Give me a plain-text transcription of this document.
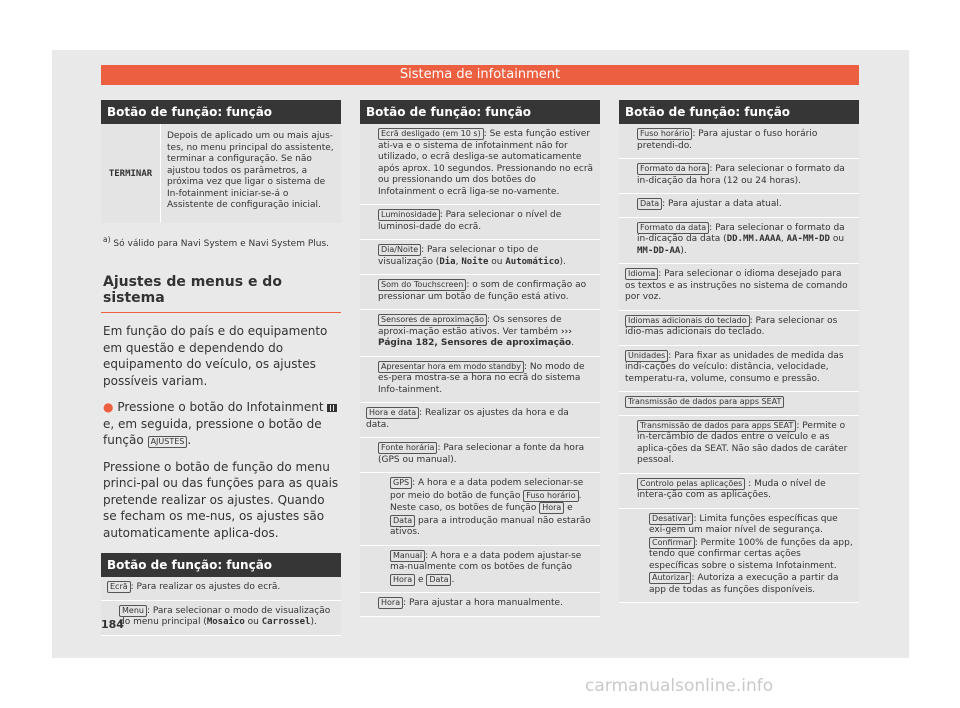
Sistema de infotainment
Botão de função: função
TERMINAR
Depois de aplicado um ou mais ajus-tes, no menu principal do assistente, terminar a configuração. Se não ajustou todos os parâmetros, a próxima vez que ligar o sistema de In-fotainment iniciar-se-á o Assistente de configuração inicial.
$^{a)}$ Só válido para Navi System e Navi System Plus.
Ajustes de menus e do sistema
Em função do país e do equipamento em questão e dependendo do equipamento do veículo, os ajustes possíveis variam.
● Pressione o botão do Infotainment  e, em seguida, pressione o botão de função AJUSTES .
Pressione o botão de função do menu princi-pal ou das funções para as quais pretende realizar os ajustes. Quando se fecham os me-nus, os ajustes são automaticamente aplica-dos.
Botão de função: função
Ecrã : Para realizar os ajustes do ecrã.
Menu : Para selecionar o modo de visualização do menu principal (Mosaico ou Carrossel).
Botão de função: função
Ecrã desligado (em 10 s) : Se esta função estiver ati-va e o sistema de infotainment não for utilizado, o ecrã desliga-se automaticamente após aprox. 10 segundos. Pressionando no ecrã ou pressionando um dos botões do Infotainment o ecrã liga-se no-vamente.
Luminosidade : Para selecionar o nível de luminosi-dade do ecrã.
Dia/Noite : Para selecionar o tipo de visualização (Dia, Noite ou Automático).
Som do Touchscreen : o som de confirmação ao pressionar um botão de função está ativo.
Sensores de aproximação : Os sensores de aproxi-mação estão ativos. Ver também ››› Página 182, Sensores de aproximação.
Apresentar hora em modo standby : No modo de es-pera mostra-se a hora no ecrã do sistema Info-tainment.
Hora e data : Realizar os ajustes da hora e da data.
Fonte horária : Para selecionar a fonte da hora (GPS ou manual).
GPS : A hora e a data podem selecionar-se por meio do botão de função Fuso horário . Neste caso, os botões de função Hora e Data para a introdução manual não estarão ativos.
Manual : A hora e a data podem ajustar-se ma-nualmente com os botões de função Hora e Data .
Hora : Para ajustar a hora manualmente.
Botão de função: função
Fuso horário : Para ajustar o fuso horário pretendi-do.
Formato da hora : Para selecionar o formato da in-dicação da hora (12 ou 24 horas).
Data : Para ajustar a data atual.
Formato da data : Para selecionar o formato da in-dicação da data (DD.MM.AAAA, AA-MM-DD ou MM-DD-AA).
Idioma : Para selecionar o idioma desejado para os textos e as instruções no sistema de comando por voz.
Idiomas adicionais do teclado : Para selecionar os idio-mas adicionais do teclado.
Unidades : Para fixar as unidades de medida das indi-cações do veículo: distância, velocidade, temperatu-ra, volume, consumo e pressão.
Transmissão de dados para apps SEAT
Transmissão de dados para apps SEAT : Permite o in-tercâmbio de dados entre o veículo e as aplica-ções da SEAT. Não são dados de caráter pessoal.
Controlo pelas aplicações : Muda o nível de intera-ção com as aplicações.
Desativar : Limita funções específicas que exi-gem um maior nível de segurança.
Confirmar : Permite 100% de funções da app, tendo que confirmar certas ações específicas sobre o sistema Infotainment.
Autorizar : Autoriza a execução a partir da app de todas as funções disponíveis.
184
carmanualsonline.info
